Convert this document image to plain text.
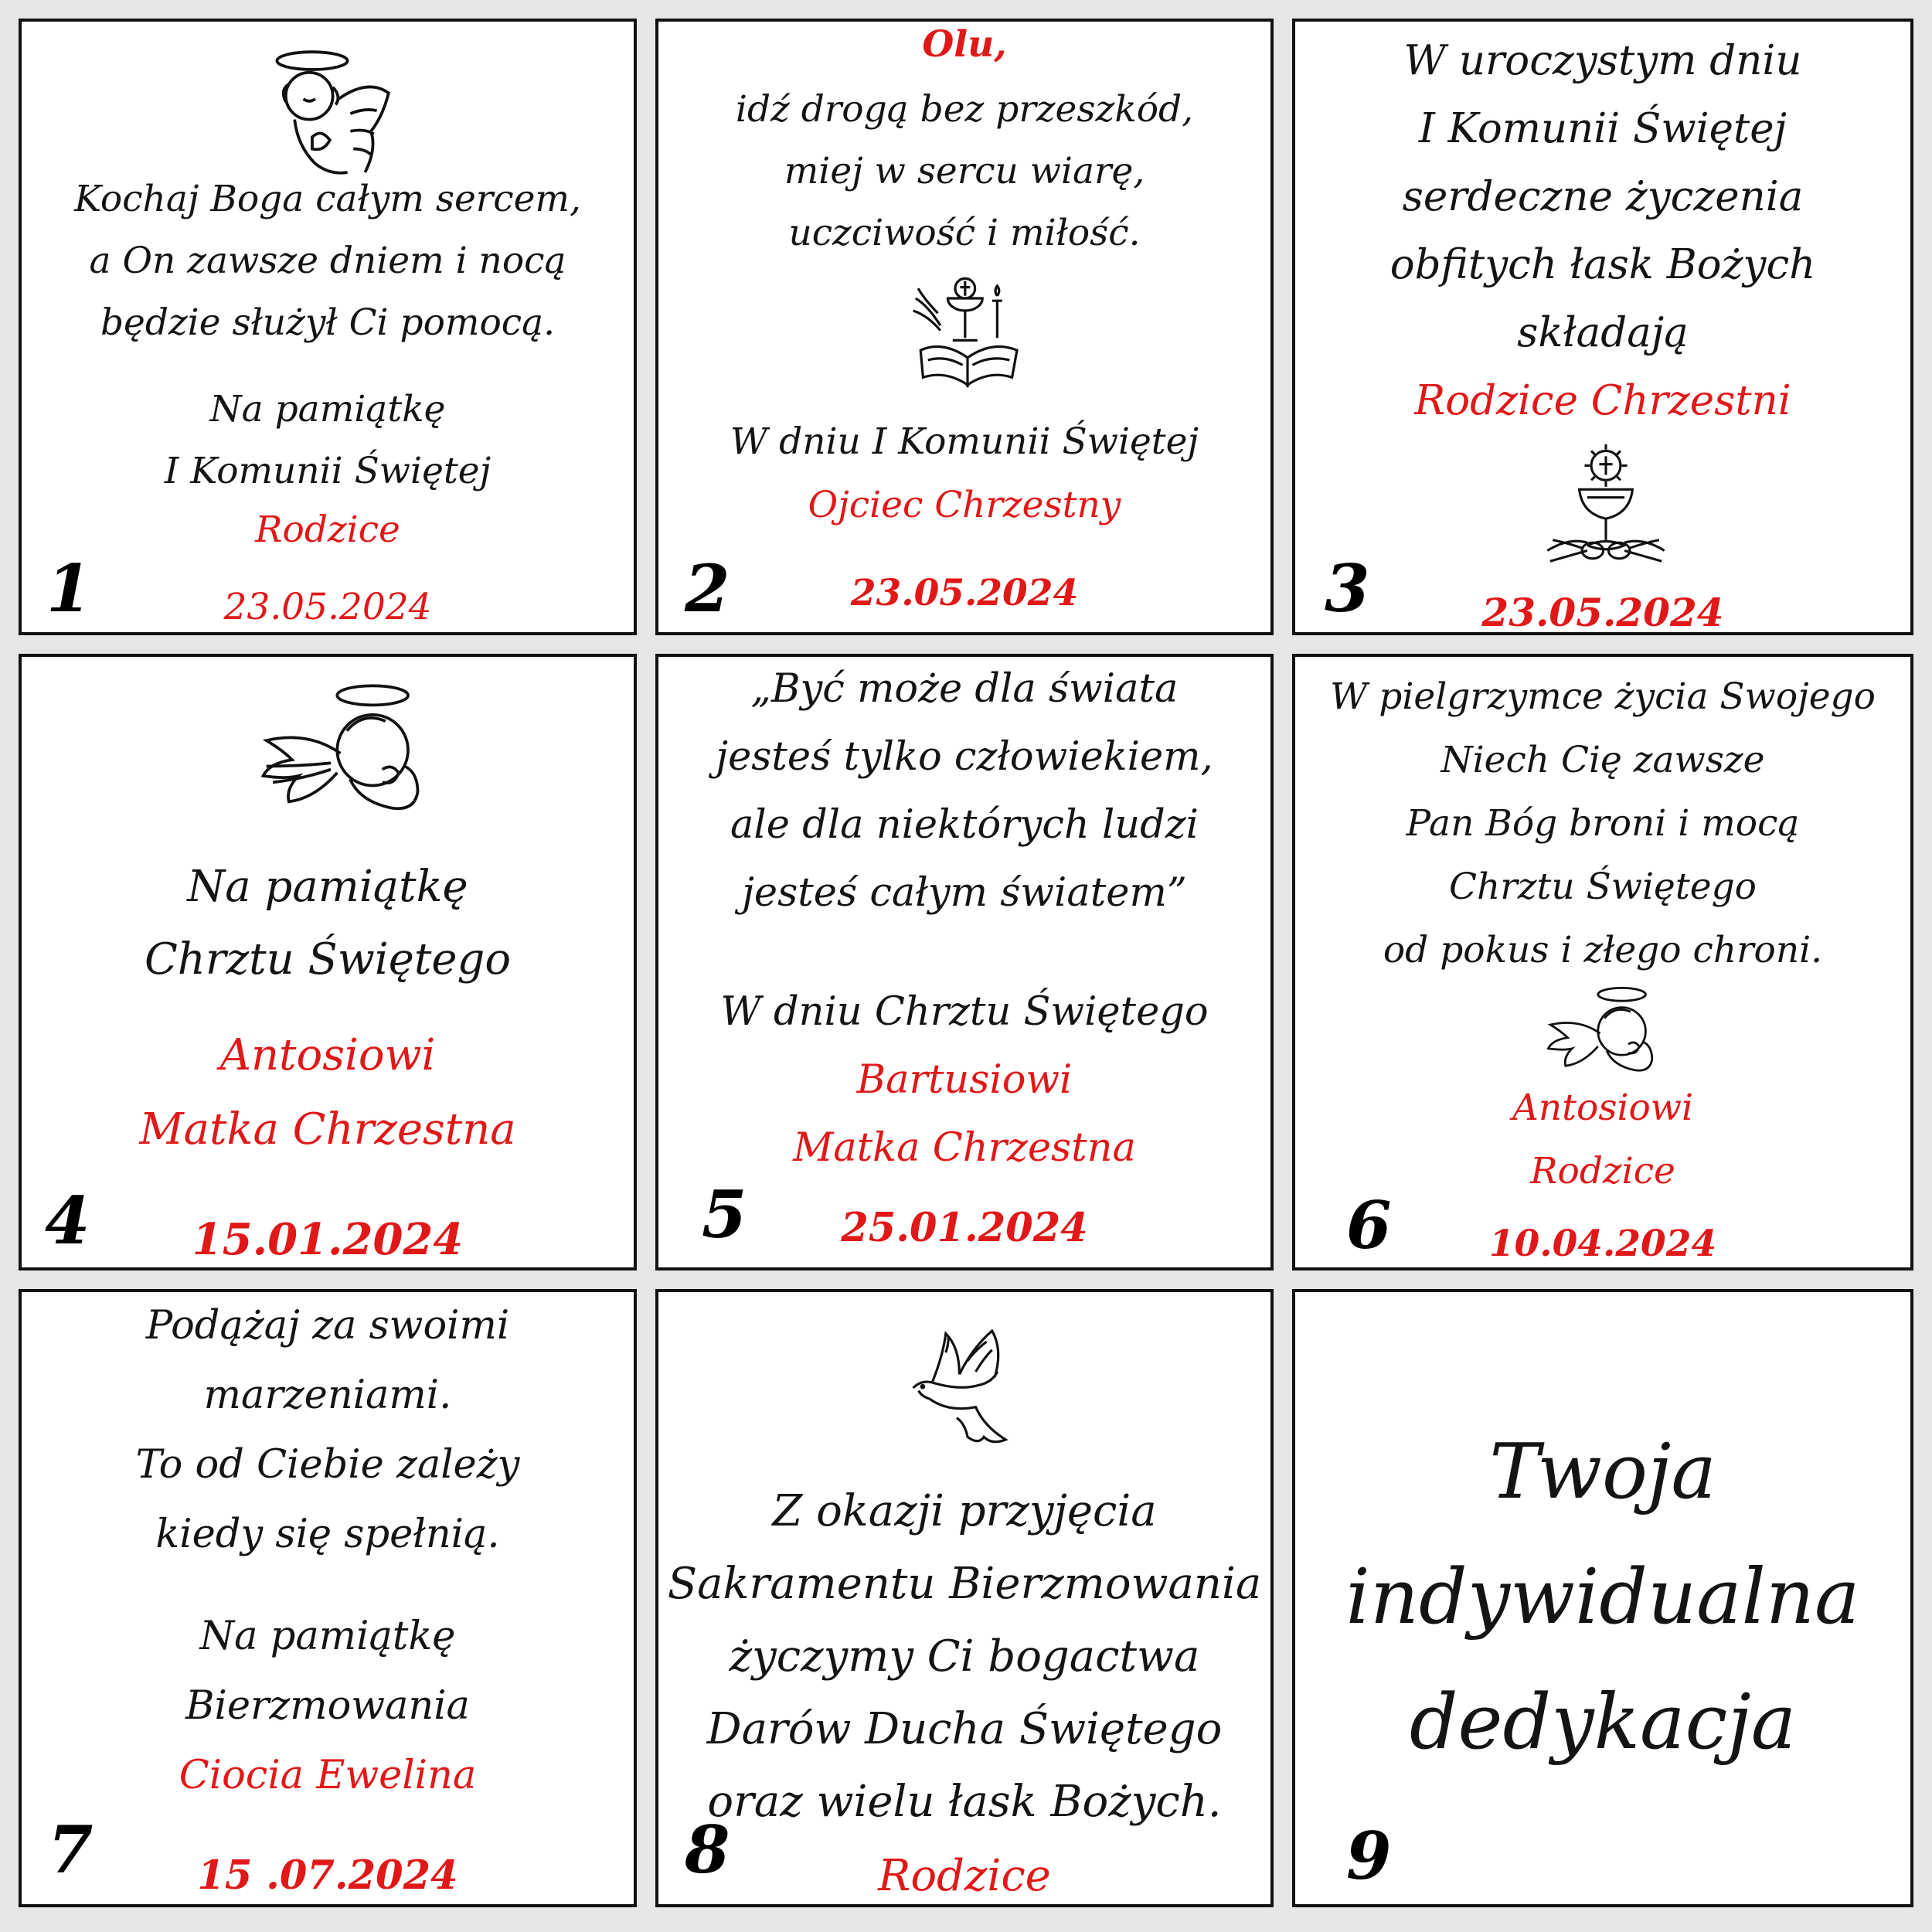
Kochaj Boga całym sercem,
a On zawsze dniem i nocą
będzie służył Ci pomocą.
Na pamiątkę
I Komunii Świętej
Rodzice
23.05.2024
1
Olu,
idź drogą bez przeszkód,
miej w sercu wiarę,
uczciwość i miłość.
W dniu I Komunii Świętej
Ojciec Chrzestny
23.05.2024
2
W uroczystym dniu
I Komunii Świętej
serdeczne życzenia
obfitych łask Bożych
składają
Rodzice Chrzestni
23.05.2024
3
Na pamiątkę
Chrztu Świętego
Antosiowi
Matka Chrzestna
15.01.2024
4
„Być może dla świata
jesteś tylko człowiekiem,
ale dla niektórych ludzi
jesteś całym światem”
W dniu Chrztu Świętego
Bartusiowi
Matka Chrzestna
25.01.2024
5
W pielgrzymce życia Swojego
Niech Cię zawsze
Pan Bóg broni i mocą
Chrztu Świętego
od pokus i złego chroni.
Antosiowi
Rodzice
10.04.2024
6
Podążaj za swoimi
marzeniami.
To od Ciebie zależy
kiedy się spełnią.
Na pamiątkę
Bierzmowania
Ciocia Ewelina
15 .07.2024
7
Z okazji przyjęcia
Sakramentu Bierzmowania
życzymy Ci bogactwa
Darów Ducha Świętego
oraz wielu łask Bożych.
Rodzice
8
Twoja
indywidualna
dedykacja
9
